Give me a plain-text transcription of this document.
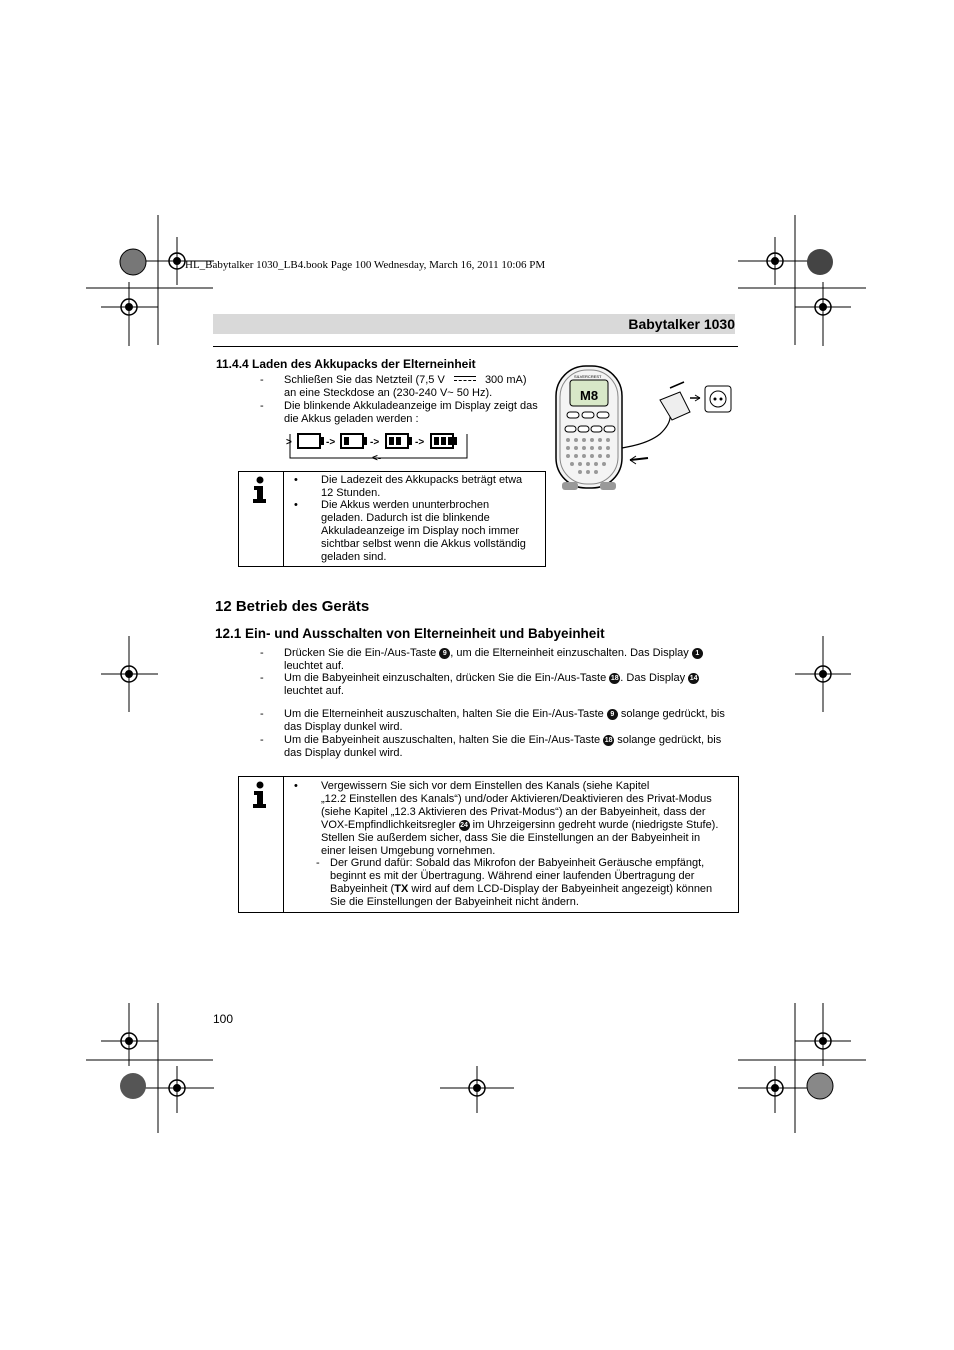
HL_Babytalker 1030_LB4.book Page 100 Wednesday, March 16, 2011 10:06 PM
Babytalker 1030
11.4.4 Laden des Akkupacks der Elterneinheit
- Schließen Sie das Netzteil (7,5 V	300 mA)
an eine Steckdose an (230-240 V~ 50 Hz).
- Die blinkende Akkuladeanzeige im Display zeigt das
die Akkus geladen werden :
>	->	->	->
<-
• Die Ladezeit des Akkupacks beträgt etwa
12 Stunden.
• Die Akkus werden ununterbrochen
geladen. Dadurch ist die blinkende
Akkuladeanzeige im Display noch immer
sichtbar selbst wenn die Akkus vollständig
geladen sind.
M8
SILVERCREST
12 Betrieb des Geräts
12.1 Ein- und Ausschalten von Elterneinheit und Babyeinheit
- Drücken Sie die Ein-/Aus-Taste 9 , um die Elterneinheit einzuschalten. Das Display 1
leuchtet auf.
- Um die Babyeinheit einzuschalten, drücken Sie die Ein-/Aus-Taste 18 . Das Display 14
leuchtet auf.
- Um die Elterneinheit auszuschalten, halten Sie die Ein-/Aus-Taste 9 solange gedrückt, bis
das Display dunkel wird.
- Um die Babyeinheit auszuschalten, halten Sie die Ein-/Aus-Taste 18 solange gedrückt, bis
das Display dunkel wird.
• Vergewissern Sie sich vor dem Einstellen des Kanals (siehe Kapitel
„12.2 Einstellen des Kanals“) und/oder Aktivieren/Deaktivieren des Privat-Modus
(siehe Kapitel „12.3 Aktivieren des Privat-Modus“) an der Babyeinheit, dass der
VOX-Empfindlichkeitsregler 24 im Uhrzeigersinn gedreht wurde (niedrigste Stufe).
Stellen Sie außerdem sicher, dass Sie die Einstellungen an der Babyeinheit in
einer leisen Umgebung vornehmen.
- Der Grund dafür: Sobald das Mikrofon der Babyeinheit Geräusche empfängt,
beginnt es mit der Übertragung. Während einer laufenden Übertragung der
Babyeinheit (TX wird auf dem LCD-Display der Babyeinheit angezeigt) können
Sie die Einstellungen der Babyeinheit nicht ändern.
100
